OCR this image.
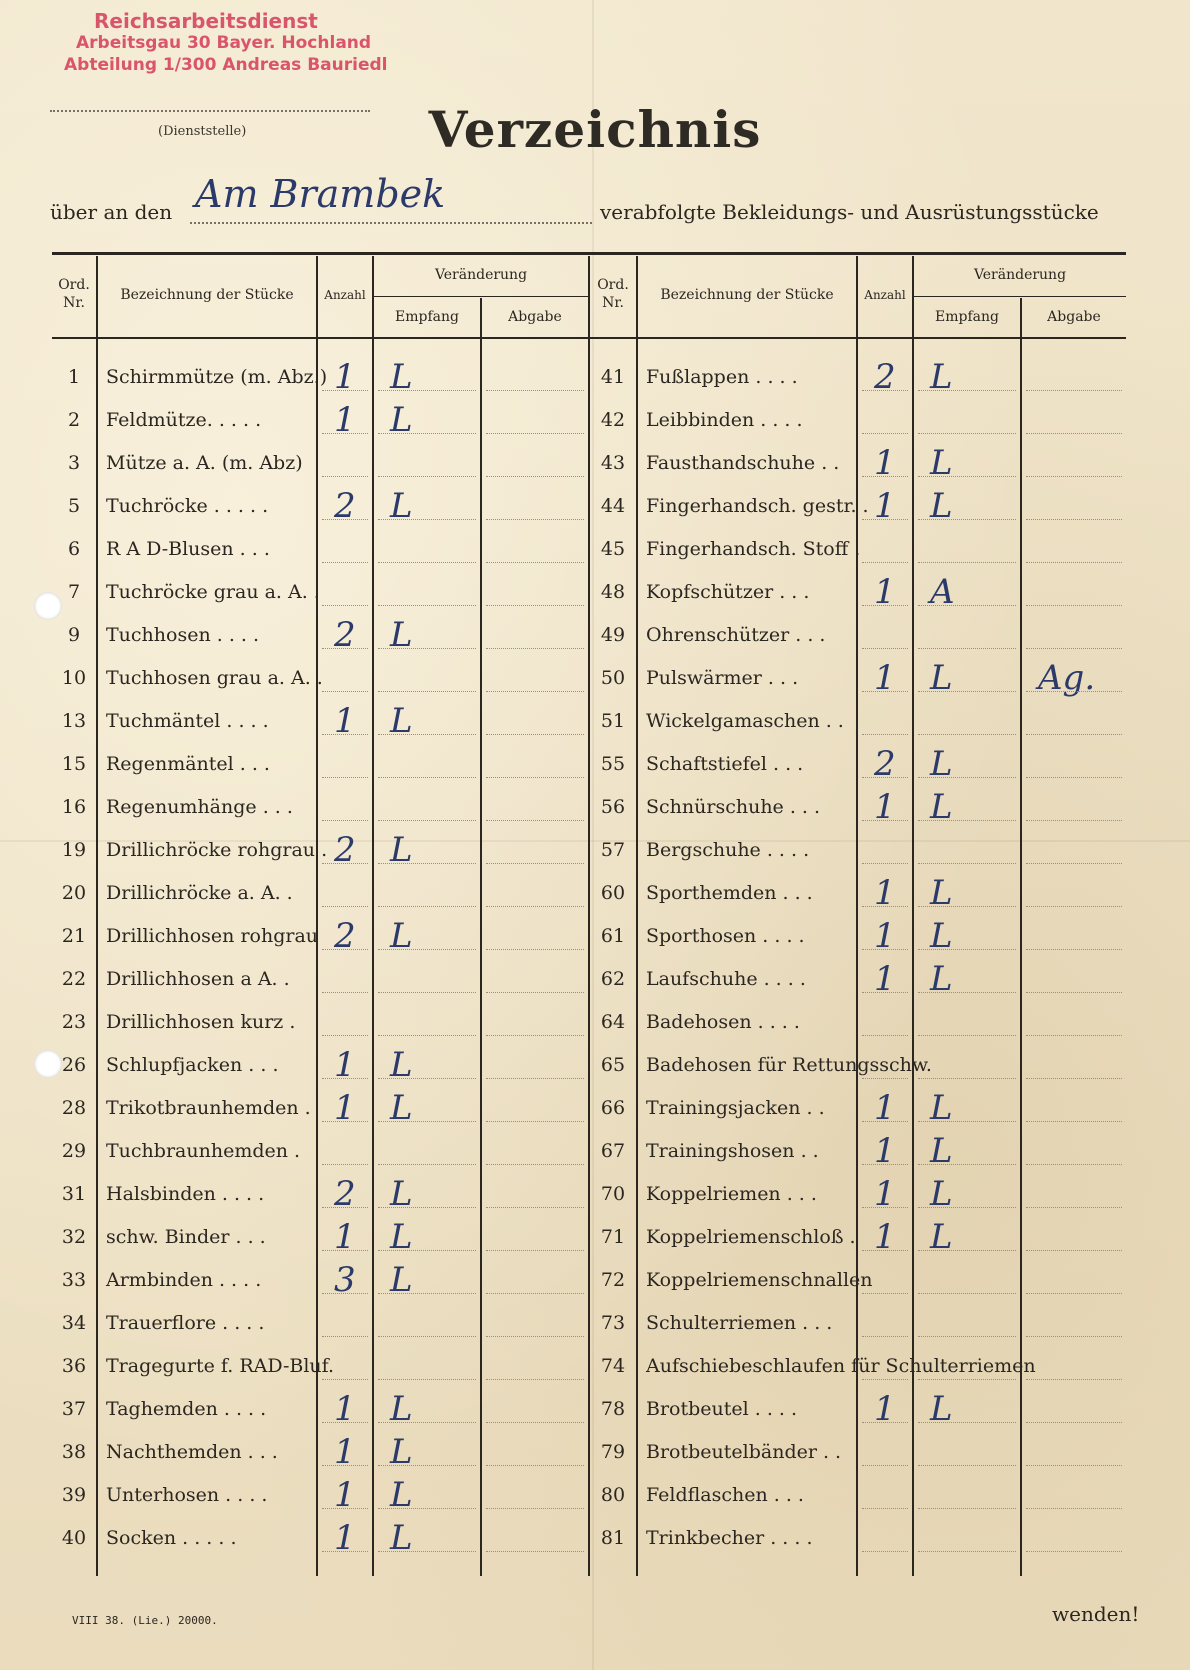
Reichsarbeitsdienst
Arbeitsgau 30 Bayer. Hochland
Abteilung 1/300 Andreas Bauriedl
(Dienststelle)	Verzeichnis
über an den Am Brambek	verabfolgte Bekleidungs- und Ausrüstungsstücke
Ord. Nr.	Bezeichnung der Stücke	Anzahl
Veränderung
Empfang	Abgabe
Ord. Nr.	Bezeichnung der Stücke	Anzahl
Veränderung
Empfang	Abgabe
1	Schirmmütze (m. Abz.) 1	L
2	Feldmütze. . . . .	1	L
3	Mütze a. A. (m. Abz)
5	Tuchröcke . . . . .	2	L
6	R A D-Blusen . . .
7	Tuchröcke grau a. A. .
9	Tuchhosen . . . .	2	L
10	Tuchhosen grau a. A. .
13	Tuchmäntel . . . .	1	L
15	Regenmäntel . . .
16	Regenumhänge . . .
19	Drillichröcke rohgrau . 2	L
20	Drillichröcke a. A. .
21	Drillichhosen rohgrau 2	L
22	Drillichhosen a A. .
23	Drillichhosen kurz .
26	Schlupfjacken . . .	1	L
28	Trikotbraunhemden . 1	L
29	Tuchbraunhemden .
31	Halsbinden . . . .	2	L
32	schw. Binder . . .	1	L
33	Armbinden . . . .	3	L
34	Trauerflore . . . .
36	Tragegurte f. RAD-Bluf.
37	Taghemden . . . .	1	L
38	Nachthemden . . .	1	L
39	Unterhosen . . . .	1	L
40	Socken . . . . .	1	L
41	Fußlappen . . . .	2	L
42	Leibbinden . . . .
43	Fausthandschuhe . .	1	L
44	Fingerhandsch. gestr. . 1	L
45	Fingerhandsch. Stoff .
48	Kopfschützer . . .	1	A
49	Ohrenschützer . . .
50	Pulswärmer . . .	1	L	Ag.
51	Wickelgamaschen . .
55	Schaftstiefel . . .	2	L
56	Schnürschuhe . . .	1	L
57	Bergschuhe . . . .
60	Sporthemden . . .	1	L
61	Sporthosen . . . .	1	L
62	Laufschuhe . . . .	1	L
64	Badehosen . . . .
65	Badehosen für Rettungsschw.
66	Trainingsjacken . .	1	L
67	Trainingshosen . .	1	L
70	Koppelriemen . . .	1	L
71	Koppelriemenschloß . 1	L
72	Koppelriemenschnallen
73	Schulterriemen . . .
74	Aufschiebeschlaufen für Schulterriemen
78	Brotbeutel . . . .	1	L
79	Brotbeutelbänder . .
80	Feldflaschen . . .
81	Trinkbecher . . . .
VIII 38. (Lie.) 20000.	wenden!
